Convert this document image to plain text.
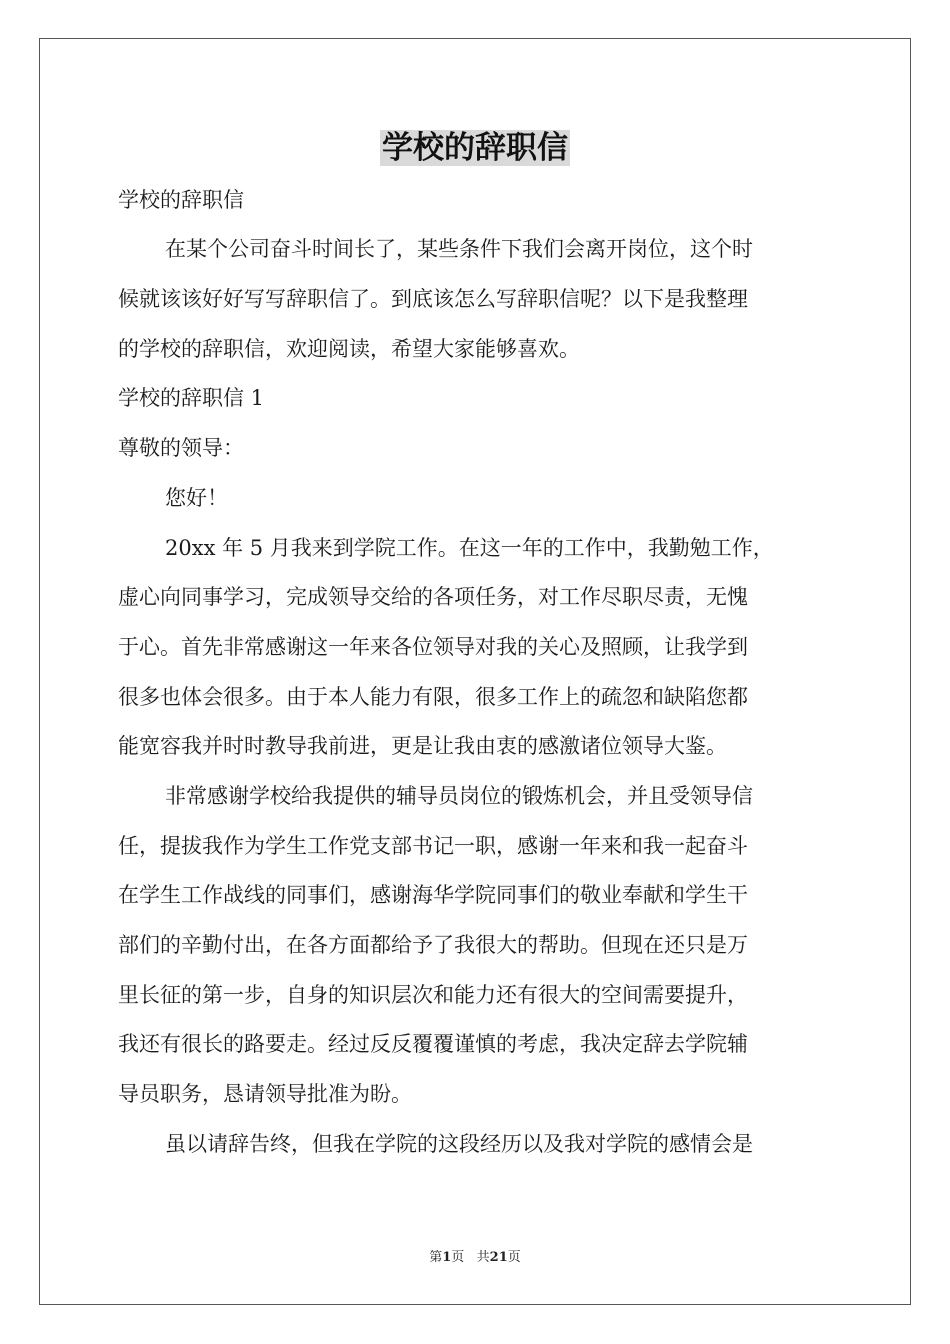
学校的辞职信
学校的辞职信
在某个公司奋斗时间长了，某些条件下我们会离开岗位，这个时
候就该该好好写写辞职信了。到底该怎么写辞职信呢？以下是我整理
的学校的辞职信，欢迎阅读，希望大家能够喜欢。
学校的辞职信 1
尊敬的领导：
您好！
20xx 年 5 月我来到学院工作。在这一年的工作中，我勤勉工作，
虚心向同事学习，完成领导交给的各项任务，对工作尽职尽责，无愧
于心。首先非常感谢这一年来各位领导对我的关心及照顾，让我学到
很多也体会很多。由于本人能力有限，很多工作上的疏忽和缺陷您都
能宽容我并时时教导我前进，更是让我由衷的感激诸位领导大鉴。
非常感谢学校给我提供的辅导员岗位的锻炼机会，并且受领导信
任，提拔我作为学生工作党支部书记一职，感谢一年来和我一起奋斗
在学生工作战线的同事们，感谢海华学院同事们的敬业奉献和学生干
部们的辛勤付出，在各方面都给予了我很大的帮助。但现在还只是万
里长征的第一步，自身的知识层次和能力还有很大的空间需要提升，
我还有很长的路要走。经过反反覆覆谨慎的考虑，我决定辞去学院辅
导员职务，恳请领导批准为盼。
虽以请辞告终，但我在学院的这段经历以及我对学院的感情会是
第1页   共21页
